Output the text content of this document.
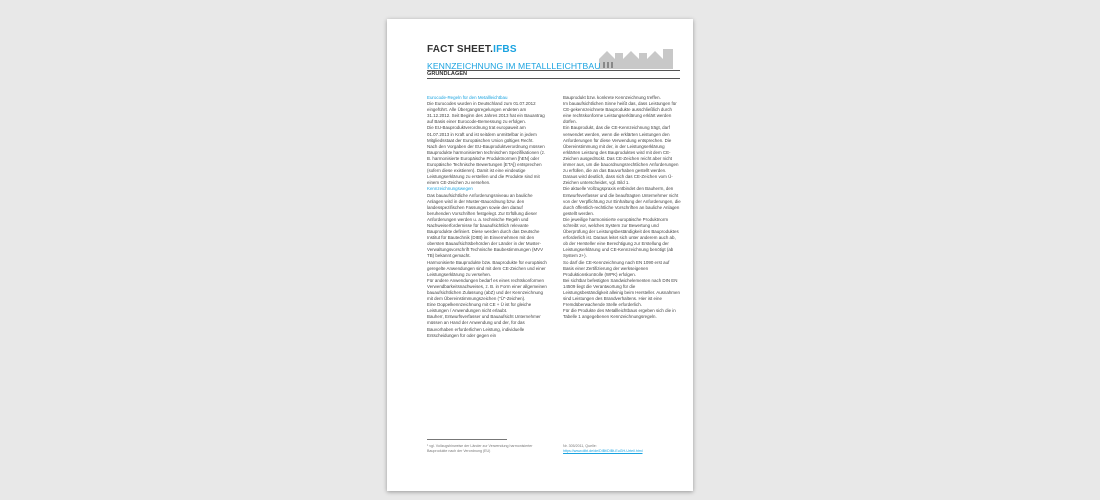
FACT SHEET.IFBS
KENNZEICHNUNG IM METALLLEICHTBAU
GRUNDLAGEN

Eurocode-Regeln für den Metallleichtbau

Die Eurocodes wurden in Deutschland zum 01.07.2012 eingeführt. Alle Übergangsregelungen endeten am 31.12.2012. Seit Beginn des Jahres 2013 hat ein Bauantrag auf Basis einer Eurocode-Bemessung zu erfolgen.

Die EU-Bauproduktverordnung trat europaweit am 01.07.2013 in Kraft und ist seitdem unmittelbar in jedem Mitgliedsstaat der Europäischen Union gültiges Recht.

Nach den Vorgaben der EU-Bauproduktverordnung müssen Bauprodukte harmonisierten technischen Spezifikationen (z. B. harmonisierte Europäische Produktnormen [hEN] oder Europäische Technische Bewertungen [ETA]) entsprechen (sofern diese existieren). Damit ist eine eindeutige Leistungserklärung zu erstellen und die Produkte sind mit einem CE-Zeichen zu versehen.

Kennzeichnungswegen

Das bauaufsichtliche Anforderungsniveau an bauliche Anlagen wird in der Muster-Bauordnung bzw. den landesspezifischen Fassungen sowie den darauf beruhenden Vorschriften festgelegt. Zur Erfüllung dieser Anforderungen werden u. a. technische Regeln und Nachweiserfordernisse für bauaufsichtlich relevante Bauprodukte definiert. Diese werden durch das Deutsche Institut für Bautechnik (DIBt) im Einvernehmen mit den obersten Bauaufsichtsbehörden der Länder in der Muster-Verwaltungsvorschrift Technische Baubestimmungen (MVV TB) bekannt gemacht.

Harmonisierte Bauprodukte bzw. Bauprodukte für europäisch geregelte Anwendungen sind mit dem CE-Zeichen und einer Leistungserklärung zu versehen.

Für andere Anwendungen bedarf es eines rechtskonformen Verwendbarkeitsnachweises, z. B. in Form einer allgemeinen bauaufsichtlichen Zulassung (abZ) und der Kennzeichnung mit dem Übereinstimmungszeichen ("Ü"-Zeichen).

Eine Doppelkennzeichnung mit CE + Ü ist für gleiche Leistungen / Anwendungen nicht erlaubt.

Bauherr, Entwurfsverfasser und Bauaufsicht Unternehmer müssen an Hand der Anwendung und der, für das Bauvorhaben erforderlichen Leistung, individuelle Entscheidungen für oder gegen ein

Bauprodukt bzw. konkrete Kennzeichnung treffen.

Im bauaufsichtlichen Sinne heißt das, dass Leistungen für CE-gekennzeichnete Bauprodukte ausschließlich durch eine rechtskonforme Leistungserklärung erklärt werden dürfen.

Ein Bauprodukt, das die CE-Kennzeichnung trägt, darf verwendet werden, wenn die erklärten Leistungen den Anforderungen für diese Verwendung entsprechen. Die Übereinstimmung mit der, in der Leistungserklärung erklärten Leistung des Bauproduktes wird mit dem CE-Zeichen ausgedrückt. Das CE-Zeichen reicht aber nicht immer aus, um die bauordnungsrechtlichen Anforderungen zu erfüllen, die an das Bauvorhaben gestellt werden. Daraus wird deutlich, dass sich das CE-Zeichen vom Ü-Zeichen unterscheidet, vgl. Bild 1.

Die aktuelle Vollzugspraxis entbindet den Bauherrn, den Entwurfsverfasser und die beauftragten Unternehmer nicht von der Verpflichtung zur Einhaltung der Anforderungen, die durch öffentlich-rechtliche Vorschriften an bauliche Anlagen gestellt werden.

Die jeweilige harmonisierte europäische Produktnorm schreibt vor, welches System zur Bewertung und Überprüfung der Leistungsbeständigkeit des Bauproduktes erforderlich ist. Daraus leitet sich unter anderem auch ab, ob der Hersteller eine Berechtigung zur Erstellung der Leistungserklärung und CE-Kennzeichnung benötigt (ab System 2+).

So darf die CE-Kennzeichnung nach EN 1090 erst auf Basis einer Zertifizierung der werkseigenen Produktionskontrolle (WPK) erfolgen.

Bei sichtbar befestigten Sandwichelementen nach DIN EN 14509 liegt die Verantwortung für die Leistungsbeständigkeit alleinig beim Hersteller. Ausnahmen sind Leistungen des Brandverhaltens. Hier ist eine Fremdüberwachende Stelle erforderlich.

Für die Produkte des Metallleichtbaus ergeben sich die in Tabelle 1 angegebenen Kennzeichnungsregeln.

¹ vgl. Vollzugshinweise der Länder zur Verwendung harmonisierter Bauprodukte nach der Verordnung (EU)
Nr. 305/2011, Quelle:
https://www.dibt.de/de/DIBt/DIBt-EuGH-Urteil.html
